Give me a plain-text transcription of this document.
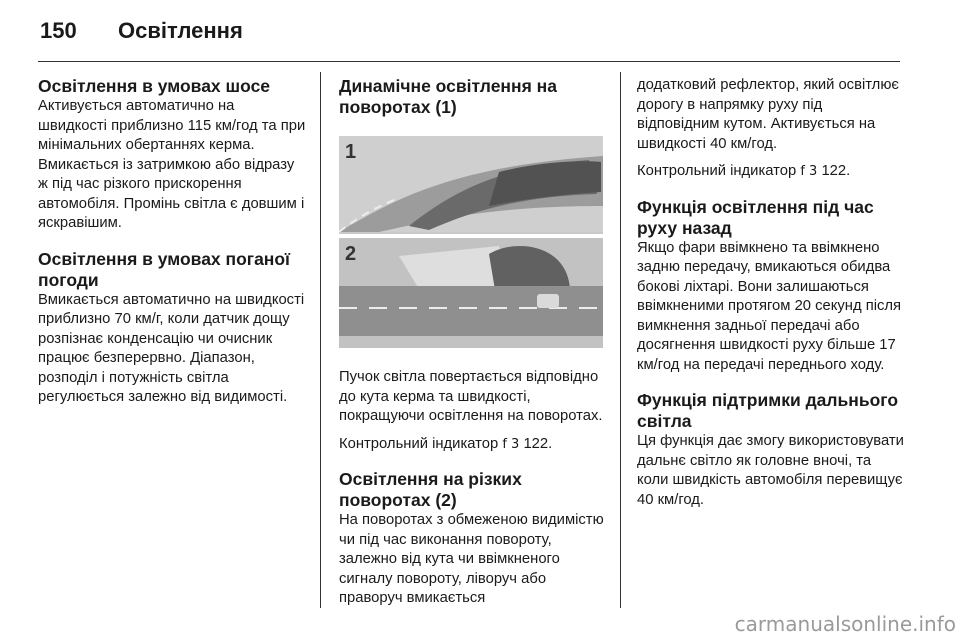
150 Освітлення
Освітлення в умовах шосе

Активується автоматично на швидкості приблизно 115 км/год та при мінімальних обертаннях керма. Вмикається із затримкою або відразу ж під час різкого прискорення автомобіля. Промінь світла є довшим і яскравішим.

Освітлення в умовах поганої погоди

Вмикається автоматично на швидкості приблизно 70 км/г, коли датчик дощу розпізнає конденсацію чи очисник працює безперервно. Діапазон, розподіл і потужність світла регулюється залежно від видимості.

Динамічне освітлення на поворотах (1)
1
2

Пучок світла повертається відповідно до кута керма та швидкості, покращуючи освітлення на поворотах.

Контрольний індикатор f 3 122.

Освітлення на різких поворотах (2)

На поворотах з обмеженою видимістю чи під час виконання повороту, залежно від кута чи ввімкненого сигналу повороту, ліворуч або праворуч вмикається

додатковий рефлектор, який освітлює дорогу в напрямку руху під відповідним кутом. Активується на швидкості 40 км/год.

Контрольний індикатор f 3 122.

Функція освітлення під час руху назад

Якщо фари ввімкнено та ввімкнено задню передачу, вмикаються обидва бокові ліхтарі. Вони залишаються ввімкненими протягом 20 секунд після вимкнення задньої передачі або досягнення швидкості руху більше 17 км/год на передачі переднього ходу.

Функція підтримки дальнього світла

Ця функція дає змогу використовувати дальнє світло як головне вночі, та коли швидкість автомобіля перевищує 40 км/год.

carmanualsonline.info
